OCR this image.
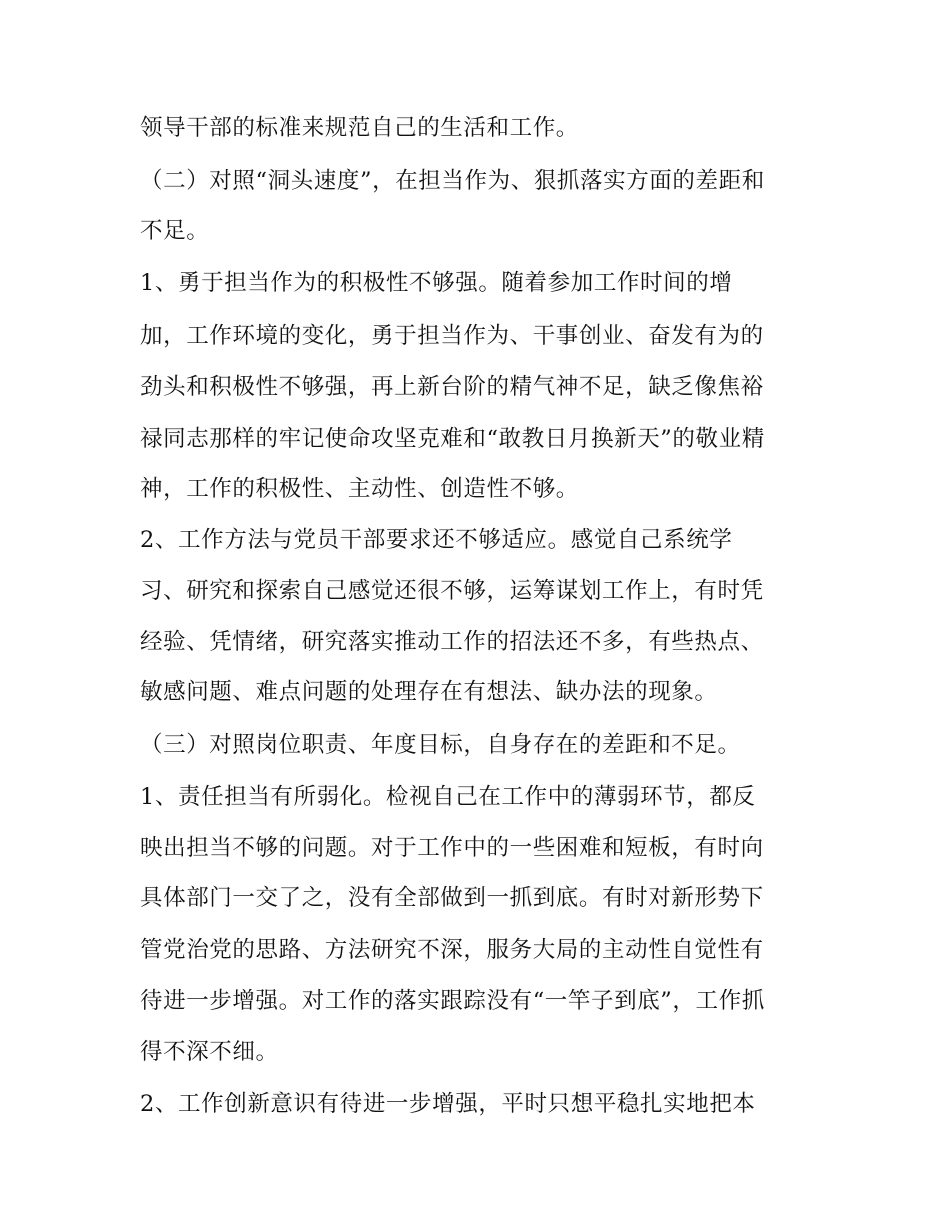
领导干部的标准来规范自己的生活和工作。
（二）对照“洞头速度”，在担当作为、狠抓落实方面的差距和
不足。
1、勇于担当作为的积极性不够强。随着参加工作时间的增
加，工作环境的变化，勇于担当作为、干事创业、奋发有为的
劲头和积极性不够强，再上新台阶的精气神不足，缺乏像焦裕
禄同志那样的牢记使命攻坚克难和“敢教日月换新天”的敬业精
神，工作的积极性、主动性、创造性不够。
2、工作方法与党员干部要求还不够适应。感觉自己系统学
习、研究和探索自己感觉还很不够，运筹谋划工作上，有时凭
经验、凭情绪，研究落实推动工作的招法还不多，有些热点、
敏感问题、难点问题的处理存在有想法、缺办法的现象。
（三）对照岗位职责、年度目标，自身存在的差距和不足。
1、责任担当有所弱化。检视自己在工作中的薄弱环节，都反
映出担当不够的问题。对于工作中的一些困难和短板，有时向
具体部门一交了之，没有全部做到一抓到底。有时对新形势下
管党治党的思路、方法研究不深，服务大局的主动性自觉性有
待进一步增强。对工作的落实跟踪没有“一竿子到底”，工作抓
得不深不细。
2、工作创新意识有待进一步增强，平时只想平稳扎实地把本
